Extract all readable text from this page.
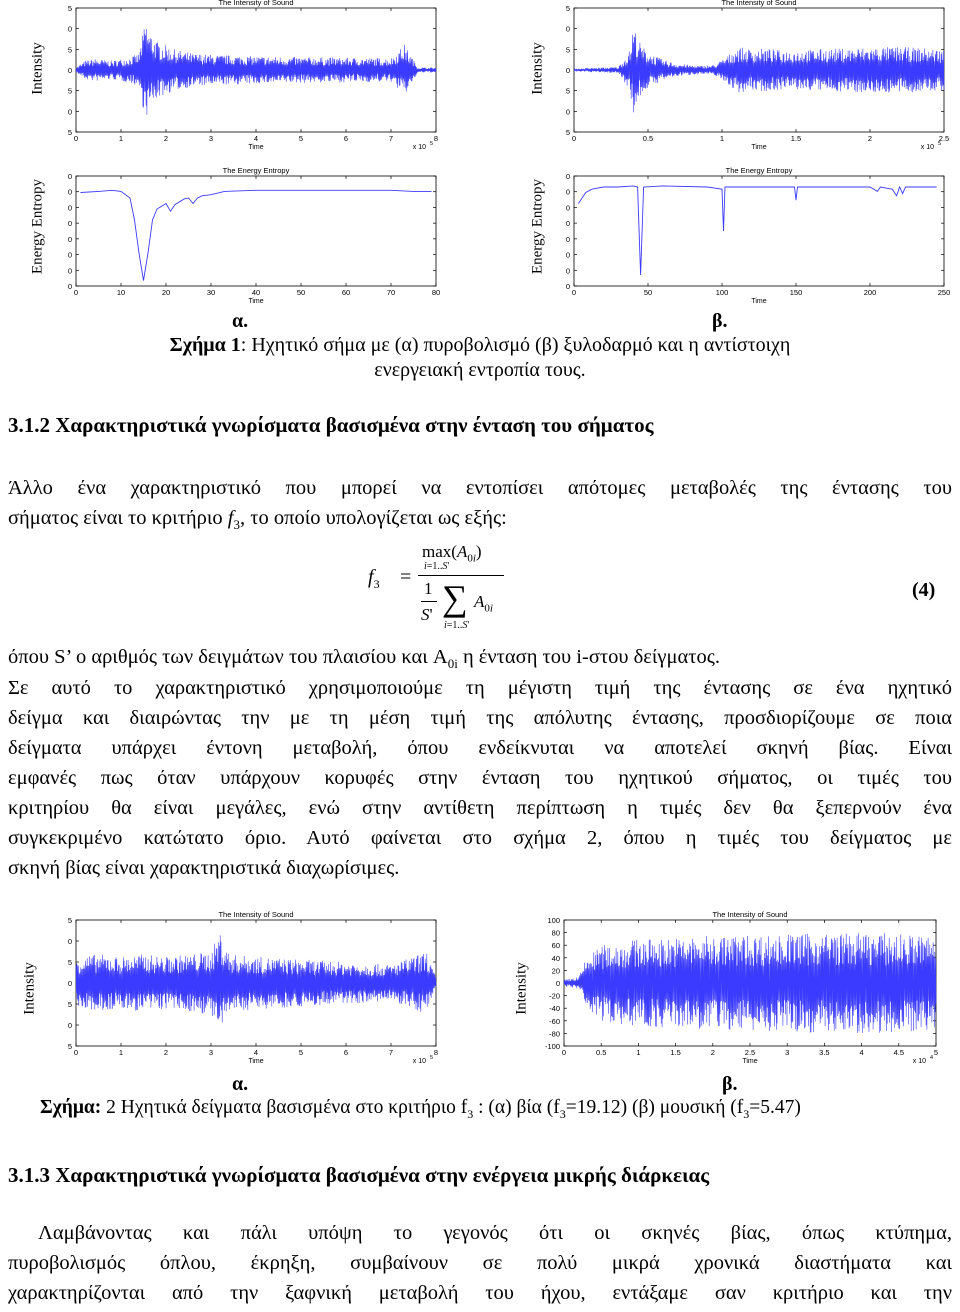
Intensity
The Intensity of Sound
0	1	2	3	4	5	6	7	8
Time	x 10 5
5
0
5
0
5
0
5
Intensity
The Intensity of Sound
0	0.5	1	1.5	2	2.5
Time	x 10 5
5
0
5
0
5
0
5
Energy Entropy
The Energy Entropy
0	10	20	30	40	50	60	70	80
Time
0
0
0
0
0
0
0
0
Energy Entropy
The Energy Entropy
0	50	100	150	200	250
Time
0
0
0
0
0
0
0
0
α.	β.
Σχήμα 1: Ηχητικό σήμα με (α) πυροβολισμό (β) ξυλοδαρμό και η αντίστοιχη
ενεργειακή εντροπία τους.
3.1.2 Χαρακτηριστικά γνωρίσματα βασισμένα στην ένταση του σήματος
Άλλο ένα χαρακτηριστικό που μπορεί να εντοπίσει απότομες μεταβολές της έντασης του
σήματος είναι το κριτήριο $f_3$, το οποίο υπολογίζεται ως εξής:
$f_3$ =
$\max(A_{0i})$
i=1..S'
1
S' ∑ $A_{0i}$
i=1..S'
(4)
όπου S’ ο αριθμός των δειγμάτων του πλαισίου και $A_{0i}$ η ένταση του i-στου δείγματος.
Σε αυτό το χαρακτηριστικό χρησιμοποιούμε τη μέγιστη τιμή της έντασης σε ένα ηχητικό
δείγμα και διαιρώντας την με τη μέση τιμή της απόλυτης έντασης, προσδιορίζουμε σε ποια
δείγματα υπάρχει έντονη μεταβολή, όπου ενδείκνυται να αποτελεί σκηνή βίας. Είναι
εμφανές πως όταν υπάρχουν κορυφές στην ένταση του ηχητικού σήματος, οι τιμές του
κριτηρίου θα είναι μεγάλες, ενώ στην αντίθετη περίπτωση η τιμές δεν θα ξεπερνούν ένα
συγκεκριμένο κατώτατο όριο. Αυτό φαίνεται στο σχήμα 2, όπου η τιμές του δείγματος με
σκηνή βίας είναι χαρακτηριστικά διαχωρίσιμες.
Intensity
The Intensity of Sound
0	1	2	3	4	5	6	7	8
Time	x 10 5
5
0
5
0
5
0
5
Intensity
The Intensity of Sound
0	0.5	1	1.5	2	2.5	3	3.5	4	4.5	5
Time	x 10 4
100
80
60
40
20
0
-20
-40
-60
-80
-100
α.	β.
Σχήμα: 2 Ηχητικά δείγματα βασισμένα στο κριτήριο $f_3$ : (α) βία $(f_3=19.12)$ (β) μουσική $(f_3=5.47)$
3.1.3 Χαρακτηριστικά γνωρίσματα βασισμένα στην ενέργεια μικρής διάρκειας
Λαμβάνοντας και πάλι υπόψη το γεγονός ότι οι σκηνές βίας, όπως κτύπημα,
πυροβολισμός όπλου, έκρηξη, συμβαίνουν σε πολύ μικρά χρονικά διαστήματα και
χαρακτηρίζονται από την ξαφνική μεταβολή του ήχου, εντάξαμε σαν κριτήριο και την
